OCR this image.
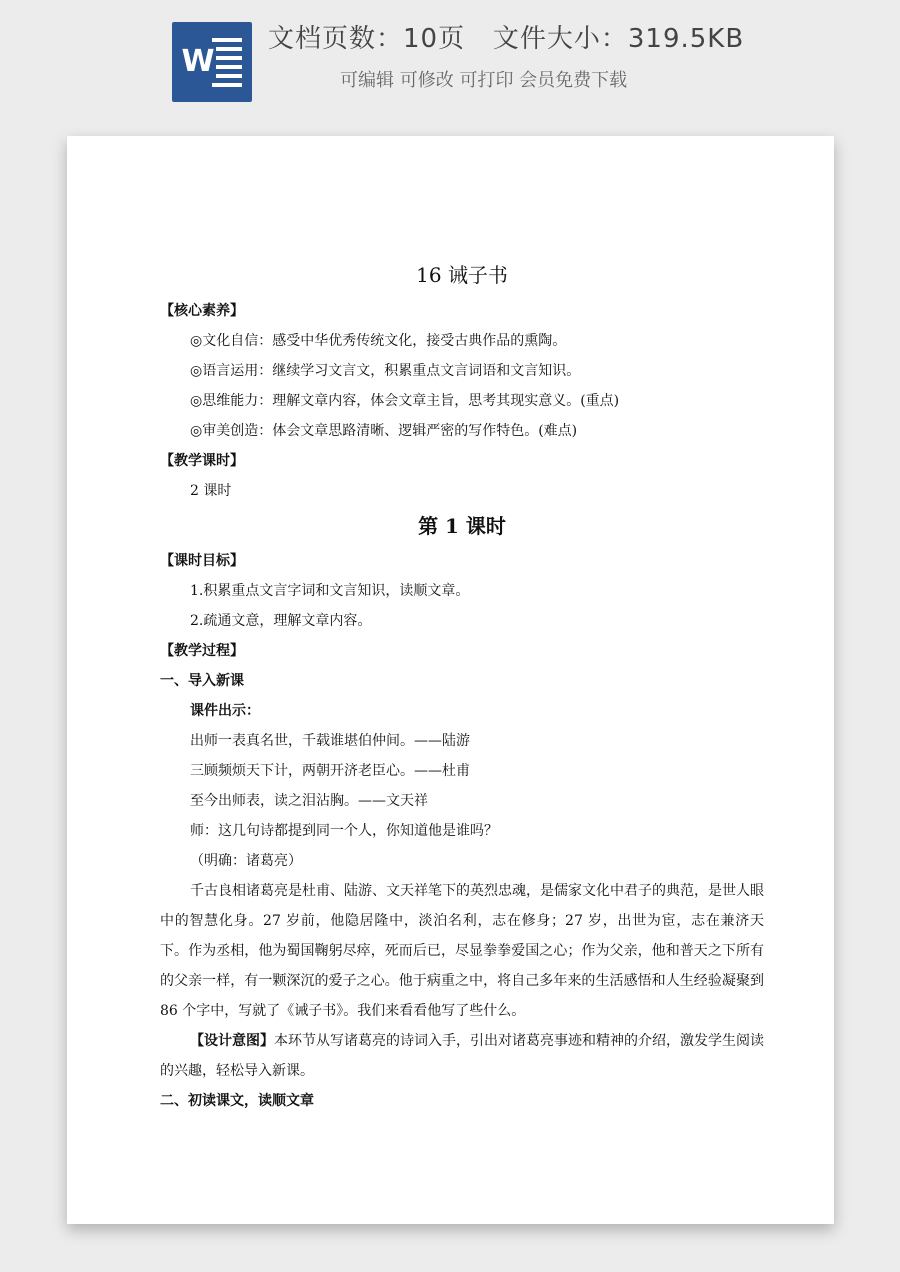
W
文档页数：10页   文件大小：319.5KB
可编辑 可修改 可打印 会员免费下载
16 诫子书
【核心素养】
◎文化自信：感受中华优秀传统文化，接受古典作品的熏陶。
◎语言运用：继续学习文言文，积累重点文言词语和文言知识。
◎思维能力：理解文章内容，体会文章主旨，思考其现实意义。(重点)
◎审美创造：体会文章思路清晰、逻辑严密的写作特色。(难点)
【教学课时】
2 课时
第 1 课时
【课时目标】
1.积累重点文言字词和文言知识，读顺文章。
2.疏通文意，理解文章内容。
【教学过程】
一、导入新课
课件出示：
出师一表真名世，千载谁堪伯仲间。——陆游
三顾频烦天下计，两朝开济老臣心。——杜甫
至今出师表，读之泪沾胸。——文天祥
师：这几句诗都提到同一个人，你知道他是谁吗？
（明确：诸葛亮）
千古良相诸葛亮是杜甫、陆游、文天祥笔下的英烈忠魂，是儒家文化中君子的典范，是世人眼中的智慧化身。27 岁前，他隐居隆中，淡泊名利，志在修身；27 岁，出世为宦，志在兼济天下。作为丞相，他为蜀国鞠躬尽瘁，死而后已，尽显拳拳爱国之心；作为父亲，他和普天之下所有的父亲一样，有一颗深沉的爱子之心。他于病重之中，将自己多年来的生活感悟和人生经验凝聚到 86 个字中，写就了《诫子书》。我们来看看他写了些什么。
【设计意图】本环节从写诸葛亮的诗词入手，引出对诸葛亮事迹和精神的介绍，激发学生阅读的兴趣，轻松导入新课。
二、初读课文，读顺文章
